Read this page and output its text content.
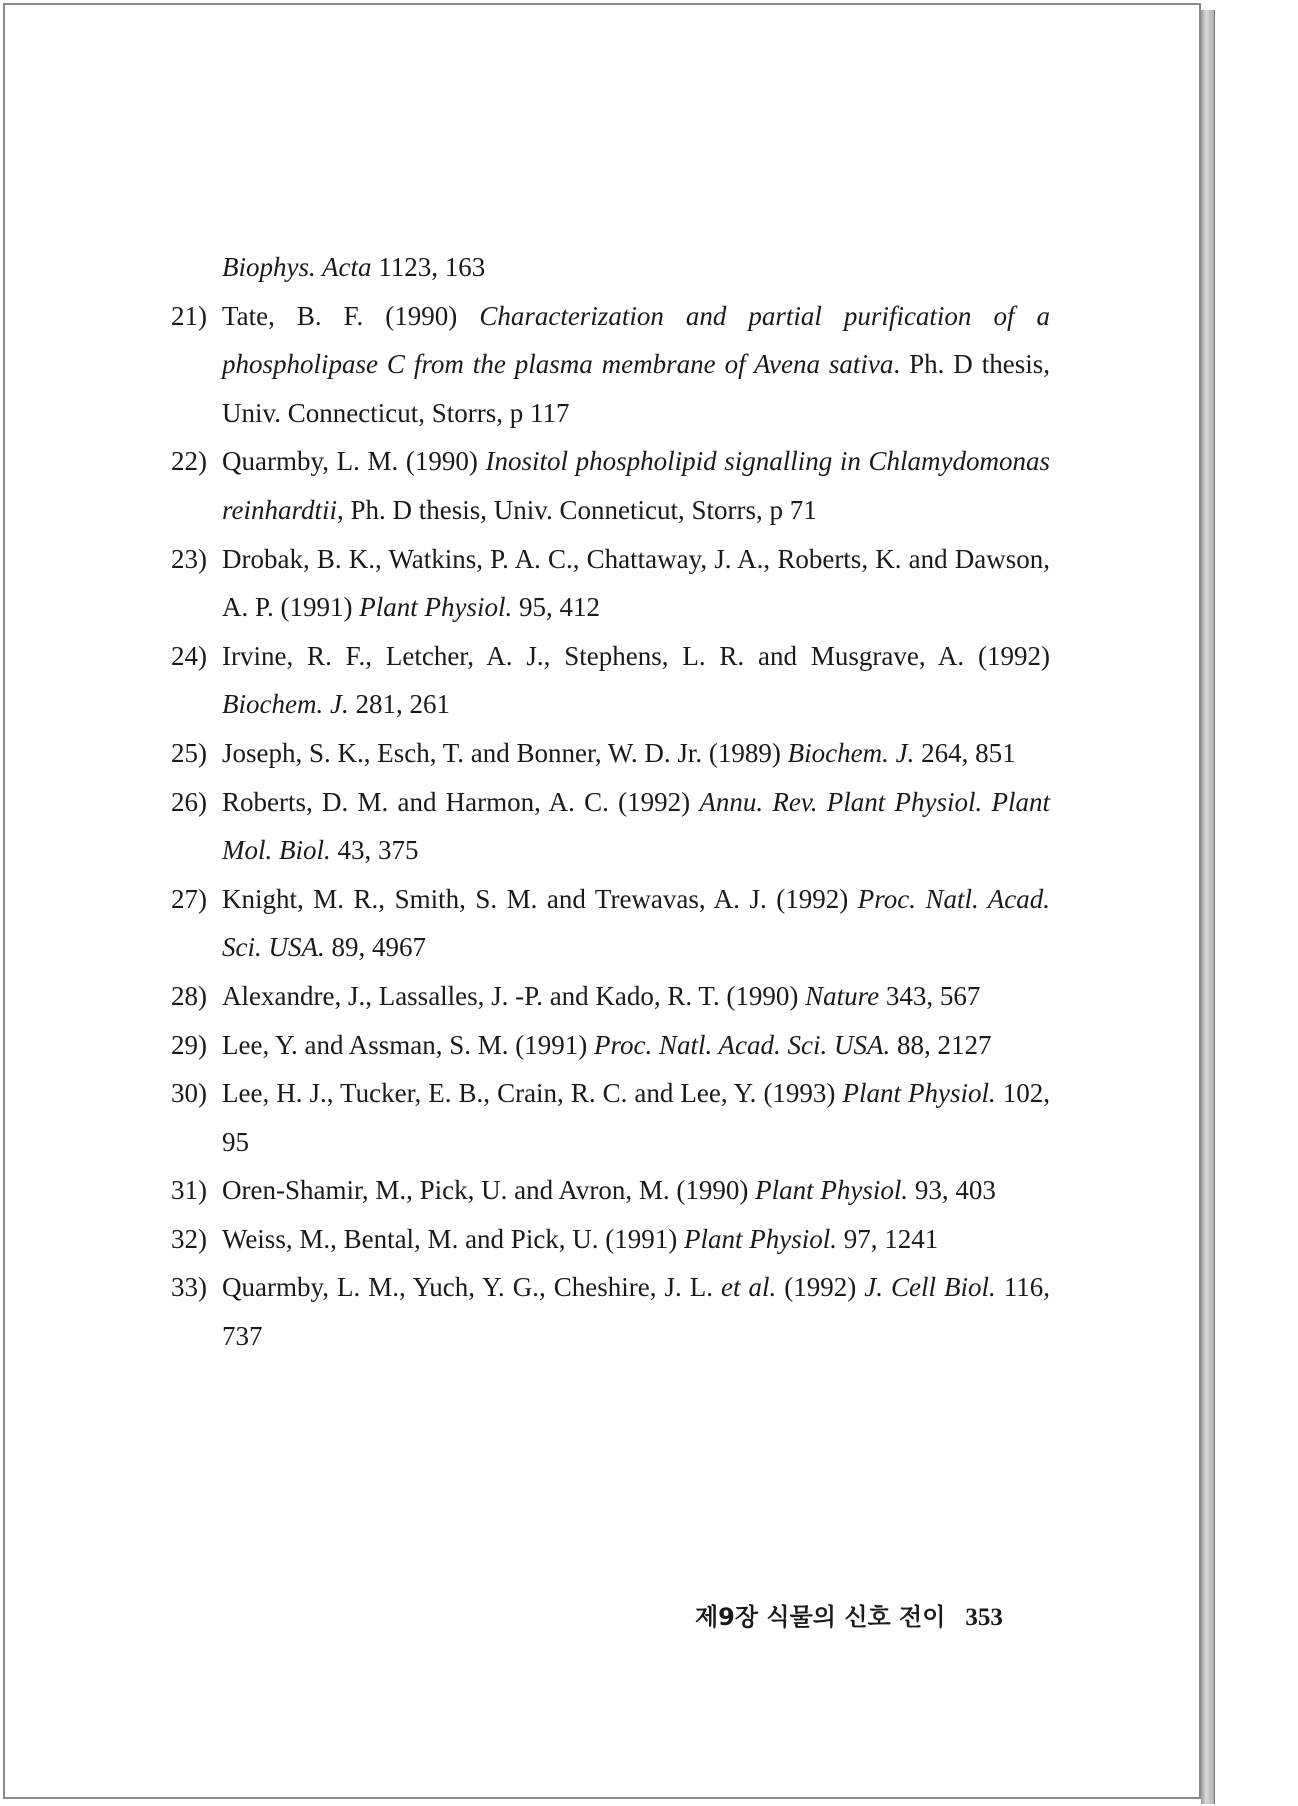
Biophys. Acta 1123, 163

21) Tate, B. F. (1990) Characterization and partial purification of a phospholipase C from the plasma membrane of Avena sativa. Ph. D thesis, Univ. Connecticut, Storrs, p 117

22) Quarmby, L. M. (1990) Inositol phospholipid signalling in Chlamydomonas reinhardtii, Ph. D thesis, Univ. Conneticut, Storrs, p 71

23) Drobak, B. K., Watkins, P. A. C., Chattaway, J. A., Roberts, K. and Dawson, A. P. (1991) Plant Physiol. 95, 412

24) Irvine, R. F., Letcher, A. J., Stephens, L. R. and Musgrave, A. (1992) Biochem. J. 281, 261

25) Joseph, S. K., Esch, T. and Bonner, W. D. Jr. (1989) Biochem. J. 264, 851

26) Roberts, D. M. and Harmon, A. C. (1992) Annu. Rev. Plant Physiol. Plant Mol. Biol. 43, 375

27) Knight, M. R., Smith, S. M. and Trewavas, A. J. (1992) Proc. Natl. Acad. Sci. USA. 89, 4967

28) Alexandre, J., Lassalles, J. -P. and Kado, R. T. (1990) Nature 343, 567

29) Lee, Y. and Assman, S. M. (1991) Proc. Natl. Acad. Sci. USA. 88, 2127

30) Lee, H. J., Tucker, E. B., Crain, R. C. and Lee, Y. (1993) Plant Physiol. 102, 95

31) Oren-Shamir, M., Pick, U. and Avron, M. (1990) Plant Physiol. 93, 403

32) Weiss, M., Bental, M. and Pick, U. (1991) Plant Physiol. 97, 1241

33) Quarmby, L. M., Yuch, Y. G., Cheshire, J. L. et al. (1992) J. Cell Biol. 116, 737

제9장 식물의 신호 전이 353
